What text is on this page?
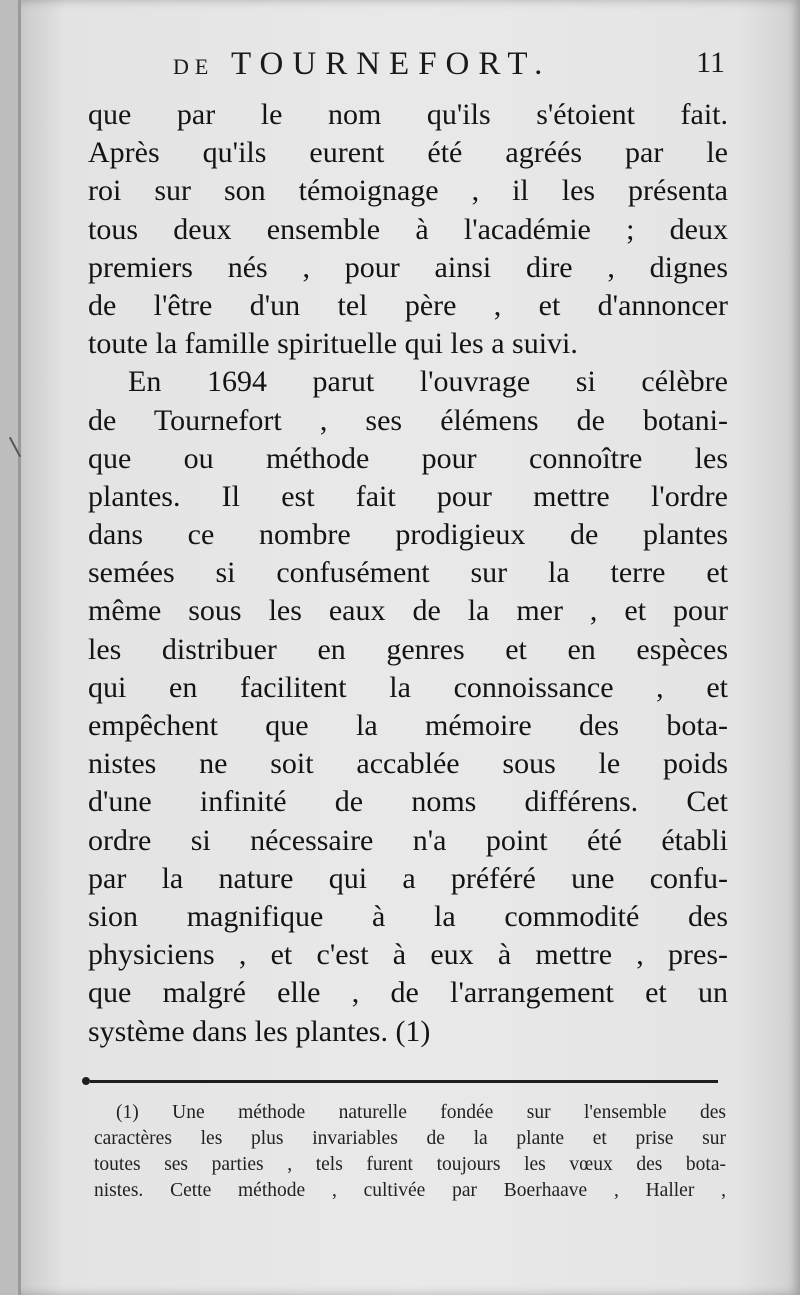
DE TOURNEFORT.	11
que par le nom qu'ils s'étoient fait.
Après qu'ils eurent été agréés par le
roi sur son témoignage , il les présenta
tous deux ensemble à l'académie ; deux
premiers nés , pour ainsi dire , dignes
de l'être d'un tel père , et d'annoncer
toute la famille spirituelle qui les a suivi.
En 1694 parut l'ouvrage si célèbre
de Tournefort , ses élémens de botani-
que ou méthode pour connoître les
plantes. Il est fait pour mettre l'ordre
dans ce nombre prodigieux de plantes
semées si confusément sur la terre et
même sous les eaux de la mer , et pour
les distribuer en genres et en espèces
qui en facilitent la connoissance , et
empêchent que la mémoire des bota-
nistes ne soit accablée sous le poids
d'une infinité de noms différens. Cet
ordre si nécessaire n'a point été établi
par la nature qui a préféré une confu-
sion magnifique à la commodité des
physiciens , et c'est à eux à mettre , pres-
que malgré elle , de l'arrangement et un
système dans les plantes. (1)
(1) Une méthode naturelle fondée sur l'ensemble des
caractères les plus invariables de la plante et prise sur
toutes ses parties , tels furent toujours les vœux des bota-
nistes. Cette méthode , cultivée par Boerhaave , Haller ,
